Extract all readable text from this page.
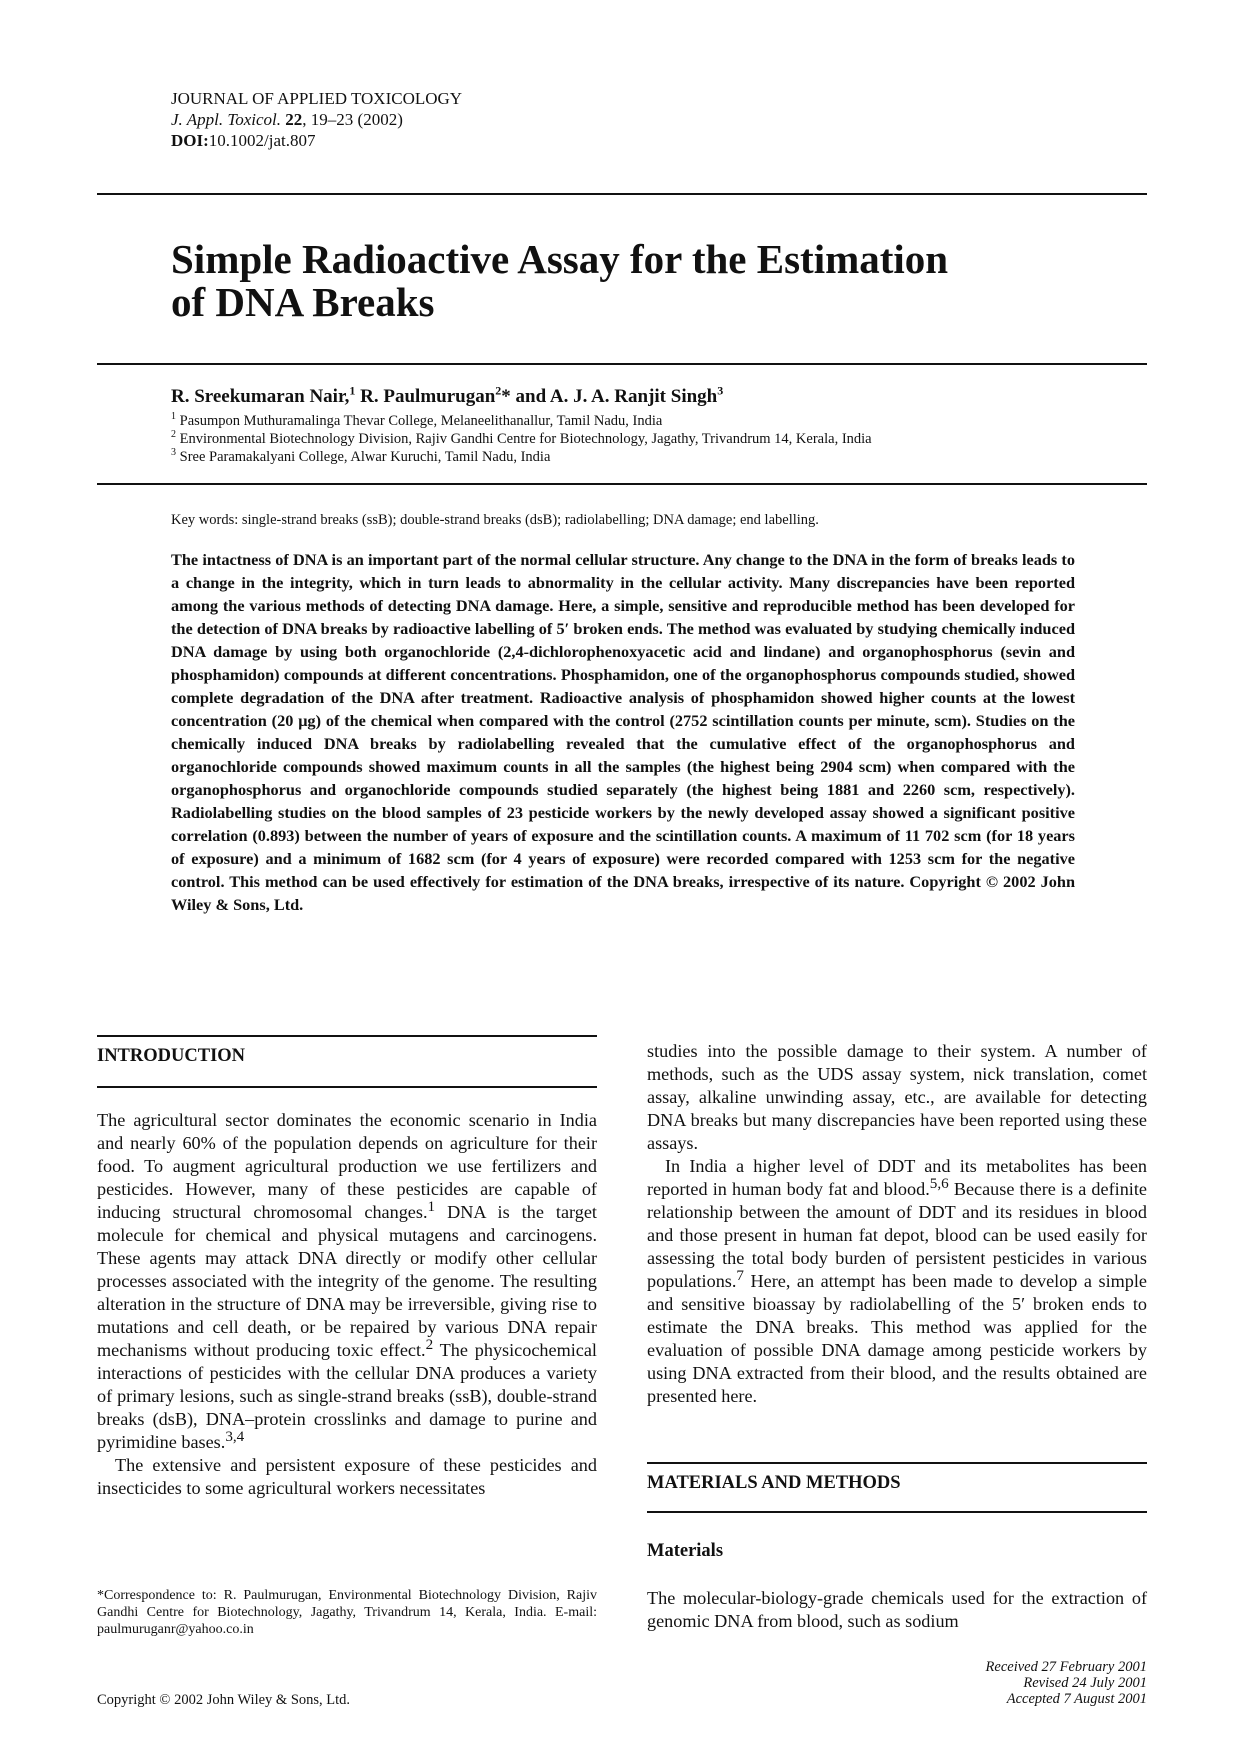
JOURNAL OF APPLIED TOXICOLOGY
J. Appl. Toxicol. 22, 19–23 (2002)
DOI:10.1002/jat.807
Simple Radioactive Assay for the Estimation
of DNA Breaks
R. Sreekumaran Nair,$^1$ R. Paulmurugan$^2$* and A. J. A. Ranjit Singh$^3$
$^1$ Pasumpon Muthuramalinga Thevar College, Melaneelithanallur, Tamil Nadu, India
$^2$ Environmental Biotechnology Division, Rajiv Gandhi Centre for Biotechnology, Jagathy, Trivandrum 14, Kerala, India
$^3$ Sree Paramakalyani College, Alwar Kuruchi, Tamil Nadu, India
Key words: single-strand breaks (ssB); double-strand breaks (dsB); radiolabelling; DNA damage; end labelling.

The intactness of DNA is an important part of the normal cellular structure. Any change to the DNA in the form of breaks leads to a change in the integrity, which in turn leads to abnormality in the cellular activity. Many discrepancies have been reported among the various methods of detecting DNA damage. Here, a simple, sensitive and reproducible method has been developed for the detection of DNA breaks by radioactive labelling of 5′ broken ends. The method was evaluated by studying chemically induced DNA damage by using both organochloride (2,4-dichlorophenoxyacetic acid and lindane) and organophosphorus (sevin and phosphamidon) compounds at different concentrations. Phosphamidon, one of the organophosphorus compounds studied, showed complete degradation of the DNA after treatment. Radioactive analysis of phosphamidon showed higher counts at the lowest concentration (20 μg) of the chemical when compared with the control (2752 scintillation counts per minute, scm). Studies on the chemically induced DNA breaks by radiolabelling revealed that the cumulative effect of the organophosphorus and organochloride compounds showed maximum counts in all the samples (the highest being 2904 scm) when compared with the organophosphorus and organochloride compounds studied separately (the highest being 1881 and 2260 scm, respectively). Radiolabelling studies on the blood samples of 23 pesticide workers by the newly developed assay showed a significant positive correlation (0.893) between the number of years of exposure and the scintillation counts. A maximum of 11 702 scm (for 18 years of exposure) and a minimum of 1682 scm (for 4 years of exposure) were recorded compared with 1253 scm for the negative control. This method can be used effectively for estimation of the DNA breaks, irrespective of its nature. Copyright © 2002 John Wiley & Sons, Ltd.

INTRODUCTION

The agricultural sector dominates the economic scenario in India and nearly 60% of the population depends on agriculture for their food. To augment agricultural production we use fertilizers and pesticides. However, many of these pesticides are capable of inducing structural chromosomal changes.$^1$ DNA is the target molecule for chemical and physical mutagens and carcinogens. These agents may attack DNA directly or modify other cellular processes associated with the integrity of the genome. The resulting alteration in the structure of DNA may be irreversible, giving rise to mutations and cell death, or be repaired by various DNA repair mechanisms without producing toxic effect.$^2$ The physicochemical interactions of pesticides with the cellular DNA produces a variety of primary lesions, such as single-strand breaks (ssB), double-strand breaks (dsB), DNA–protein crosslinks and damage to purine and pyrimidine bases.$^{3,4}$

The extensive and persistent exposure of these pesticides and insecticides to some agricultural workers necessitates

*Correspondence to: R. Paulmurugan, Environmental Biotechnology Division, Rajiv Gandhi Centre for Biotechnology, Jagathy, Trivandrum 14, Kerala, India. E-mail: paulmuruganr@yahoo.co.in

studies into the possible damage to their system. A number of methods, such as the UDS assay system, nick translation, comet assay, alkaline unwinding assay, etc., are available for detecting DNA breaks but many discrepancies have been reported using these assays.

In India a higher level of DDT and its metabolites has been reported in human body fat and blood.$^{5,6}$ Because there is a definite relationship between the amount of DDT and its residues in blood and those present in human fat depot, blood can be used easily for assessing the total body burden of persistent pesticides in various populations.$^7$ Here, an attempt has been made to develop a simple and sensitive bioassay by radiolabelling of the 5′ broken ends to estimate the DNA breaks. This method was applied for the evaluation of possible DNA damage among pesticide workers by using DNA extracted from their blood, and the results obtained are presented here.

MATERIALS AND METHODS
Materials

The molecular-biology-grade chemicals used for the extraction of genomic DNA from blood, such as sodium

Copyright © 2002 John Wiley & Sons, Ltd.
Received 27 February 2001
Revised 24 July 2001
Accepted 7 August 2001
